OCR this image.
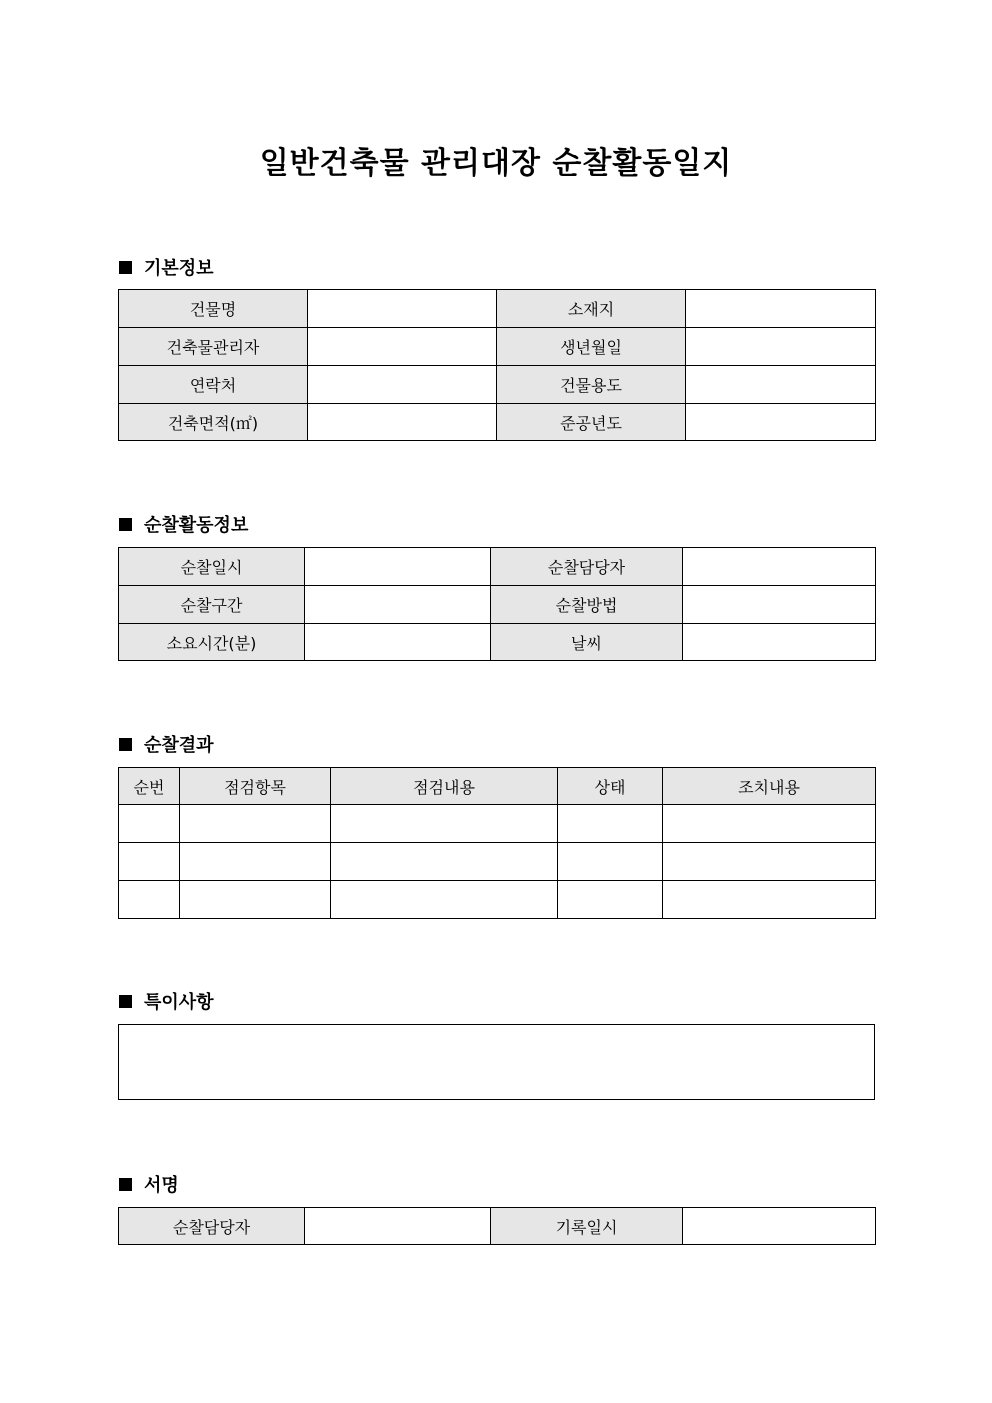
일반건축물 관리대장 순찰활동일지
기본정보
건물명		소재지	
건축물관리자		생년월일	
연락처		건물용도	
건축면적(㎡)		준공년도	
순찰활동정보
순찰일시		순찰담당자	
순찰구간		순찰방법	
소요시간(분)		날씨	
순찰결과
순번	점검항목	점검내용	상태	조치내용

특이사항
서명
순찰담당자		기록일시	
